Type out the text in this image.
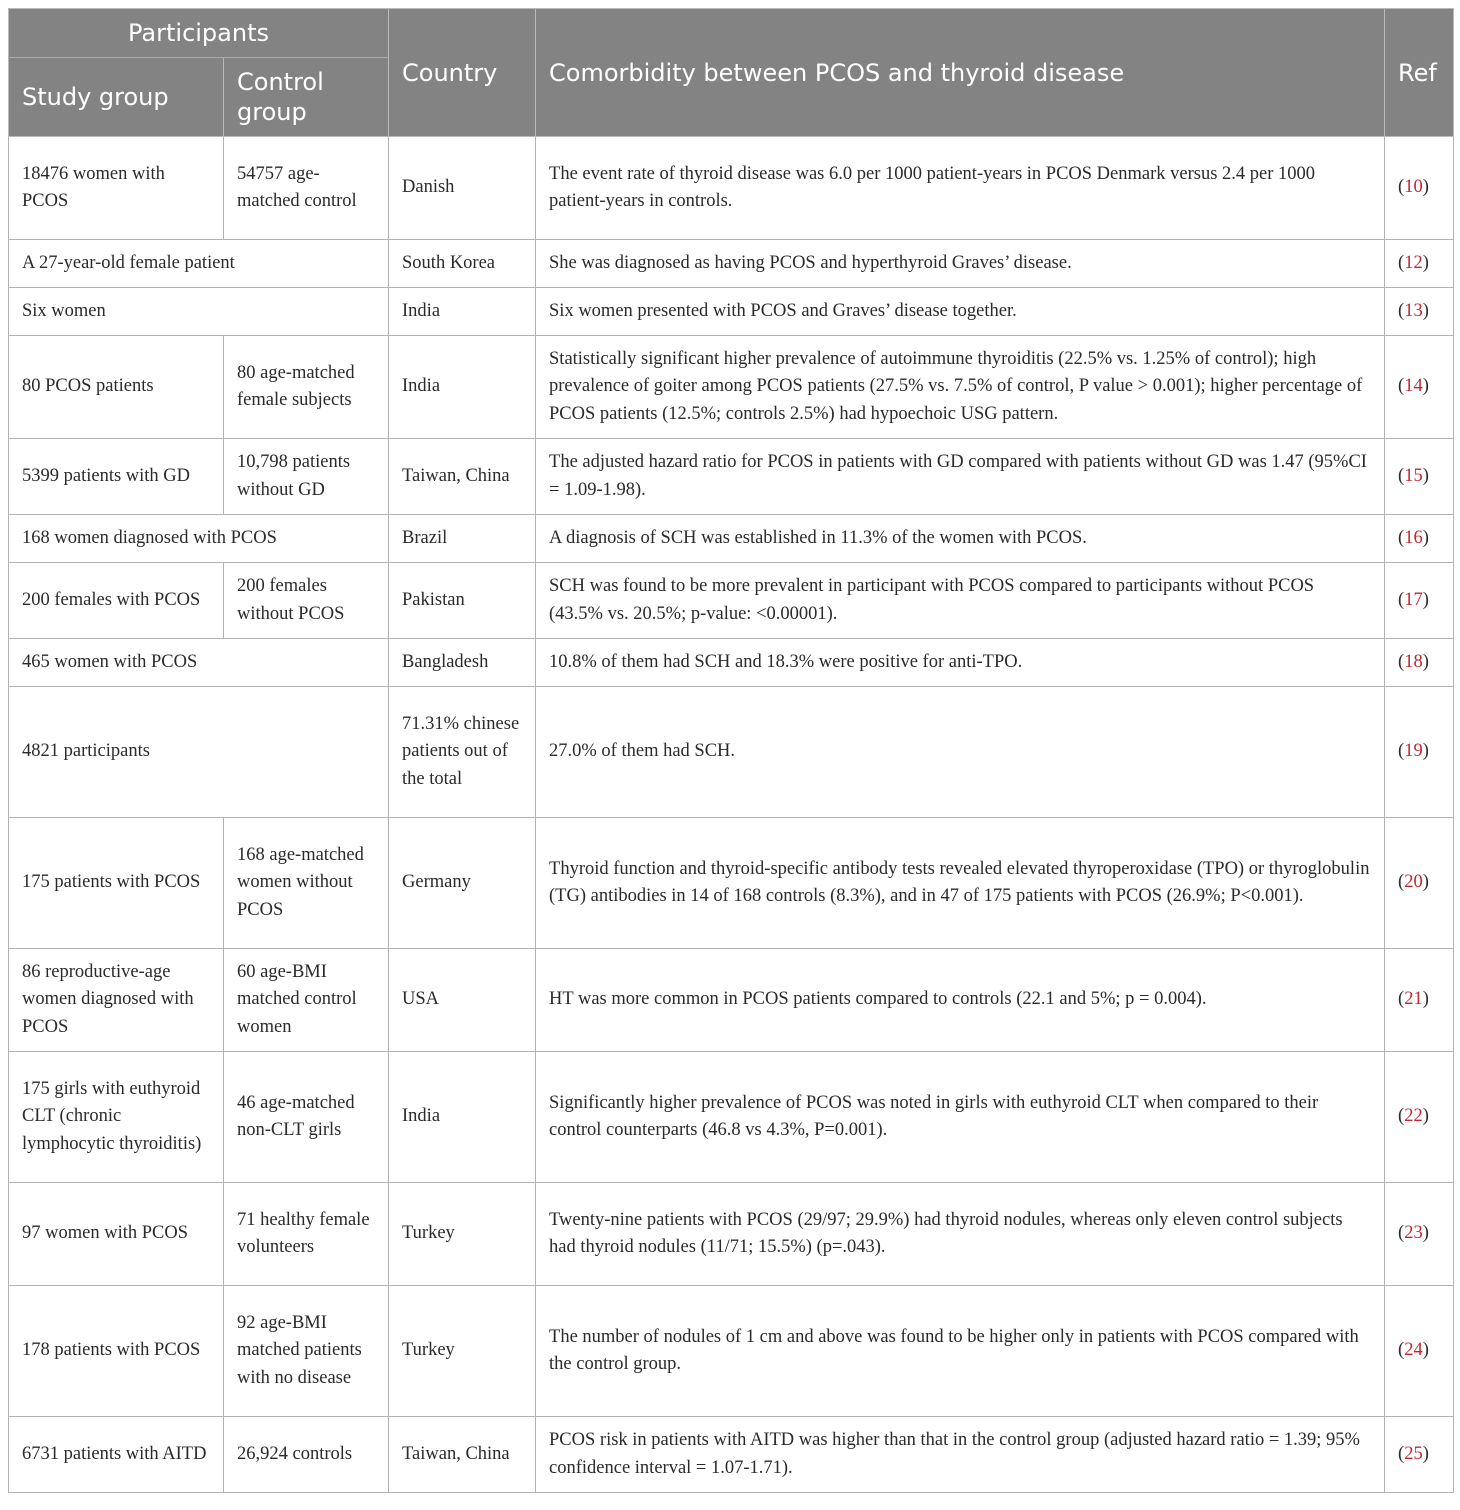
Participants		Country	Comorbidity between PCOS and thyroid disease	Ref
Study group	Control group			
18476 women with PCOS	54757 age-matched control	Danish	The event rate of thyroid disease was 6.0 per 1000 patient-years in PCOS Denmark versus 2.4 per 1000 patient-years in controls.	(10)
A 27-year-old female patient		South Korea	She was diagnosed as having PCOS and hyperthyroid Graves’ disease.	(12)
Six women		India	Six women presented with PCOS and Graves’ disease together.	(13)
80 PCOS patients	80 age-matched female subjects	India	Statistically significant higher prevalence of autoimmune thyroiditis (22.5% vs. 1.25% of control); high prevalence of goiter among PCOS patients (27.5% vs. 7.5% of control, P value > 0.001); higher percentage of PCOS patients (12.5%; controls 2.5%) had hypoechoic USG pattern.	(14)
5399 patients with GD	10,798 patients without GD	Taiwan, China	The adjusted hazard ratio for PCOS in patients with GD compared with patients without GD was 1.47 (95%CI = 1.09-1.98).	(15)
168 women diagnosed with PCOS		Brazil	A diagnosis of SCH was established in 11.3% of the women with PCOS.	(16)
200 females with PCOS	200 females without PCOS	Pakistan	SCH was found to be more prevalent in participant with PCOS compared to participants without PCOS (43.5% vs. 20.5%; p-value: <0.00001).	(17)
465 women with PCOS		Bangladesh	10.8% of them had SCH and 18.3% were positive for anti-TPO.	(18)
4821 participants		71.31% chinese patients out of the total	27.0% of them had SCH.	(19)
175 patients with PCOS	168 age-matched women without PCOS	Germany	Thyroid function and thyroid-specific antibody tests revealed elevated thyroperoxidase (TPO) or thyroglobulin (TG) antibodies in 14 of 168 controls (8.3%), and in 47 of 175 patients with PCOS (26.9%; P<0.001).	(20)
86 reproductive-age women diagnosed with PCOS	60 age-BMI matched control women	USA	HT was more common in PCOS patients compared to controls (22.1 and 5%; p = 0.004).	(21)
175 girls with euthyroid CLT (chronic lymphocytic thyroiditis)	46 age-matched non-CLT girls	India	Significantly higher prevalence of PCOS was noted in girls with euthyroid CLT when compared to their control counterparts (46.8 vs 4.3%, P=0.001).	(22)
97 women with PCOS	71 healthy female volunteers	Turkey	Twenty-nine patients with PCOS (29/97; 29.9%) had thyroid nodules, whereas only eleven control subjects had thyroid nodules (11/71; 15.5%) (p=.043).	(23)
178 patients with PCOS	92 age-BMI matched patients with no disease	Turkey	The number of nodules of 1 cm and above was found to be higher only in patients with PCOS compared with the control group.	(24)
6731 patients with AITD	26,924 controls	Taiwan, China	PCOS risk in patients with AITD was higher than that in the control group (adjusted hazard ratio = 1.39; 95% confidence interval = 1.07-1.71).	(25)
